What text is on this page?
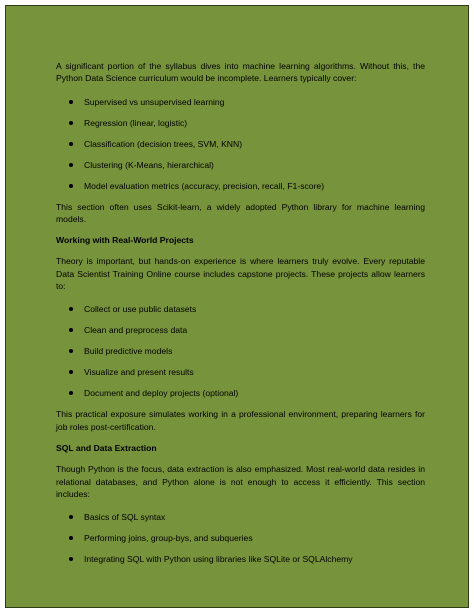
A significant portion of the syllabus dives into machine learning algorithms. Without this, the Python Data Science curriculum would be incomplete. Learners typically cover:

Supervised vs unsupervised learning
Regression (linear, logistic)
Classification (decision trees, SVM, KNN)
Clustering (K-Means, hierarchical)
Model evaluation metrics (accuracy, precision, recall, F1-score)

This section often uses Scikit-learn, a widely adopted Python library for machine learning models.

Working with Real-World Projects

Theory is important, but hands-on experience is where learners truly evolve. Every reputable Data Scientist Training Online course includes capstone projects. These projects allow learners to:

Collect or use public datasets
Clean and preprocess data
Build predictive models
Visualize and present results
Document and deploy projects (optional)

This practical exposure simulates working in a professional environment, preparing learners for job roles post-certification.

SQL and Data Extraction

Though Python is the focus, data extraction is also emphasized. Most real-world data resides in relational databases, and Python alone is not enough to access it efficiently. This section includes:

Basics of SQL syntax
Performing joins, group-bys, and subqueries
Integrating SQL with Python using libraries like SQLite or SQLAlchemy
